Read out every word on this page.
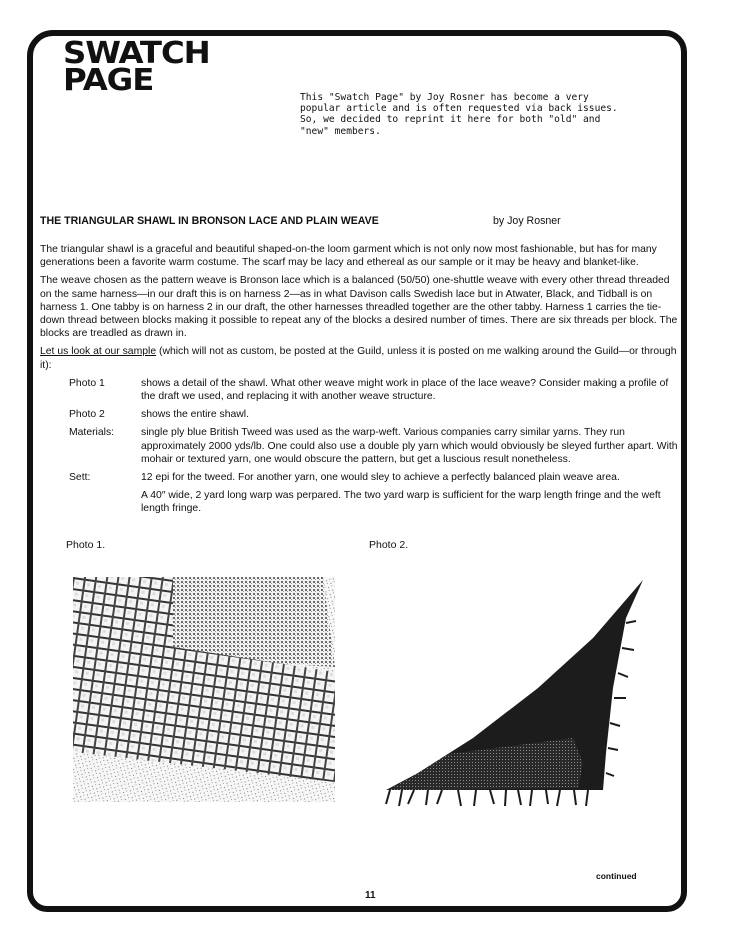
SWATCH
PAGE	This "Swatch Page" by Joy Rosner has become a very
popular article and is often requested via back issues.
So, we decided to reprint it here for both "old" and
"new" members.
THE TRIANGULAR SHAWL IN BRONSON LACE AND PLAIN WEAVE	by Joy Rosner

The triangular shawl is a graceful and beautiful shaped-on-the loom garment which is not only now most fashionable, but has for many generations been a favorite warm costume. The scarf may be lacy and ethereal as our sample or it may be heavy and blanket-like.

The weave chosen as the pattern weave is Bronson lace which is a balanced (50/50) one-shuttle weave with every other thread threaded on the same harness—in our draft this is on harness 2—as in what Davison calls Swedish lace but in Atwater, Black, and Tidball is on harness 1. One tabby is on harness 2 in our draft, the other harnesses threadled together are the other tabby. Harness 1 carries the tie-down thread between blocks making it possible to repeat any of the blocks a desired number of times. There are six threads per block. The blocks are treadled as drawn in.

Let us look at our sample (which will not as custom, be posted at the Guild, unless it is posted on me walking around the Guild—or through it):

Photo 1	shows a detail of the shawl. What other weave might work in place of the lace weave? Consider making a profile of the draft we used, and replacing it with another weave structure.
Photo 2	shows the entire shawl.
Materials:	single ply blue British Tweed was used as the warp-weft. Various companies carry similar yarns. They run approximately 2000 yds/lb. One could also use a double ply yarn which would obviously be sleyed further apart. With mohair or textured yarn, one would obscure the pattern, but get a luscious result nonetheless.
Sett:	12 epi for the tweed. For another yarn, one would sley to achieve a perfectly balanced plain weave area.
A 40″ wide, 2 yard long warp was perpared. The two yard warp is sufficient for the warp length fringe and the weft length fringe.
Photo 1.	Photo 2.
continued
11
